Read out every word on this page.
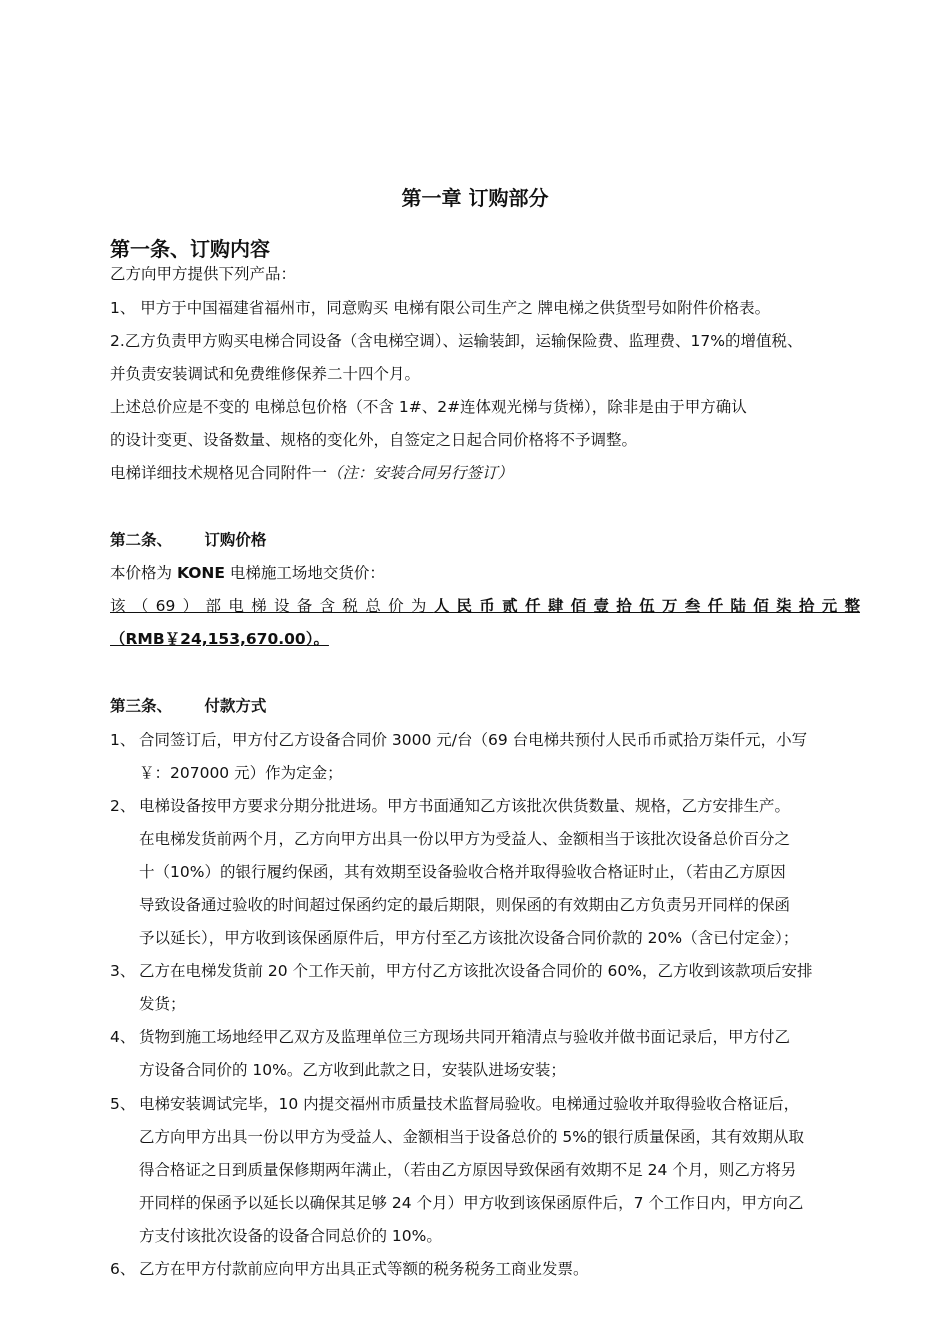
第一章 订购部分
第一条、订购内容
乙方向甲方提供下列产品：
1、 甲方于中国福建省福州市，同意购买 电梯有限公司生产之 牌电梯之供货型号如附件价格表。
2.乙方负责甲方购买电梯合同设备（含电梯空调）、运输装卸，运输保险费、监理费、17%的增值税、
并负责安装调试和免费维修保养二十四个月。
上述总价应是不变的 电梯总包价格（不含 1#、2#连体观光梯与货梯），除非是由于甲方确认
的设计变更、设备数量、规格的变化外，自签定之日起合同价格将不予调整。
电梯详细技术规格见合同附件一（注：安装合同另行签订）
第二条、      订购价格
本价格为 KONE 电梯施工场地交货价：
该（69）部电梯设备含税总价为人民币贰仟肆佰壹拾伍万叁仟陆佰柒拾元整
（RMB￥24,153,670.00）。
第三条、      付款方式
1、 合同签订后，甲方付乙方设备合同价 3000 元/台（69 台电梯共预付人民币币贰拾万柒仟元，小写
￥：207000 元）作为定金；
2、 电梯设备按甲方要求分期分批进场。甲方书面通知乙方该批次供货数量、规格，乙方安排生产。
在电梯发货前两个月，乙方向甲方出具一份以甲方为受益人、金额相当于该批次设备总价百分之
十（10%）的银行履约保函，其有效期至设备验收合格并取得验收合格证时止，（若由乙方原因
导致设备通过验收的时间超过保函约定的最后期限，则保函的有效期由乙方负责另开同样的保函
予以延长），甲方收到该保函原件后，甲方付至乙方该批次设备合同价款的 20%（含已付定金）；
3、 乙方在电梯发货前 20 个工作天前，甲方付乙方该批次设备合同价的 60%，乙方收到该款项后安排
发货；
4、 货物到施工场地经甲乙双方及监理单位三方现场共同开箱清点与验收并做书面记录后，甲方付乙
方设备合同价的 10%。乙方收到此款之日，安装队进场安装；
5、 电梯安装调试完毕，10 内提交福州市质量技术监督局验收。电梯通过验收并取得验收合格证后，
乙方向甲方出具一份以甲方为受益人、金额相当于设备总价的 5%的银行质量保函，其有效期从取
得合格证之日到质量保修期两年满止，（若由乙方原因导致保函有效期不足 24 个月，则乙方将另
开同样的保函予以延长以确保其足够 24 个月）甲方收到该保函原件后，7 个工作日内，甲方向乙
方支付该批次设备的设备合同总价的 10%。
6、 乙方在甲方付款前应向甲方出具正式等额的税务税务工商业发票。
